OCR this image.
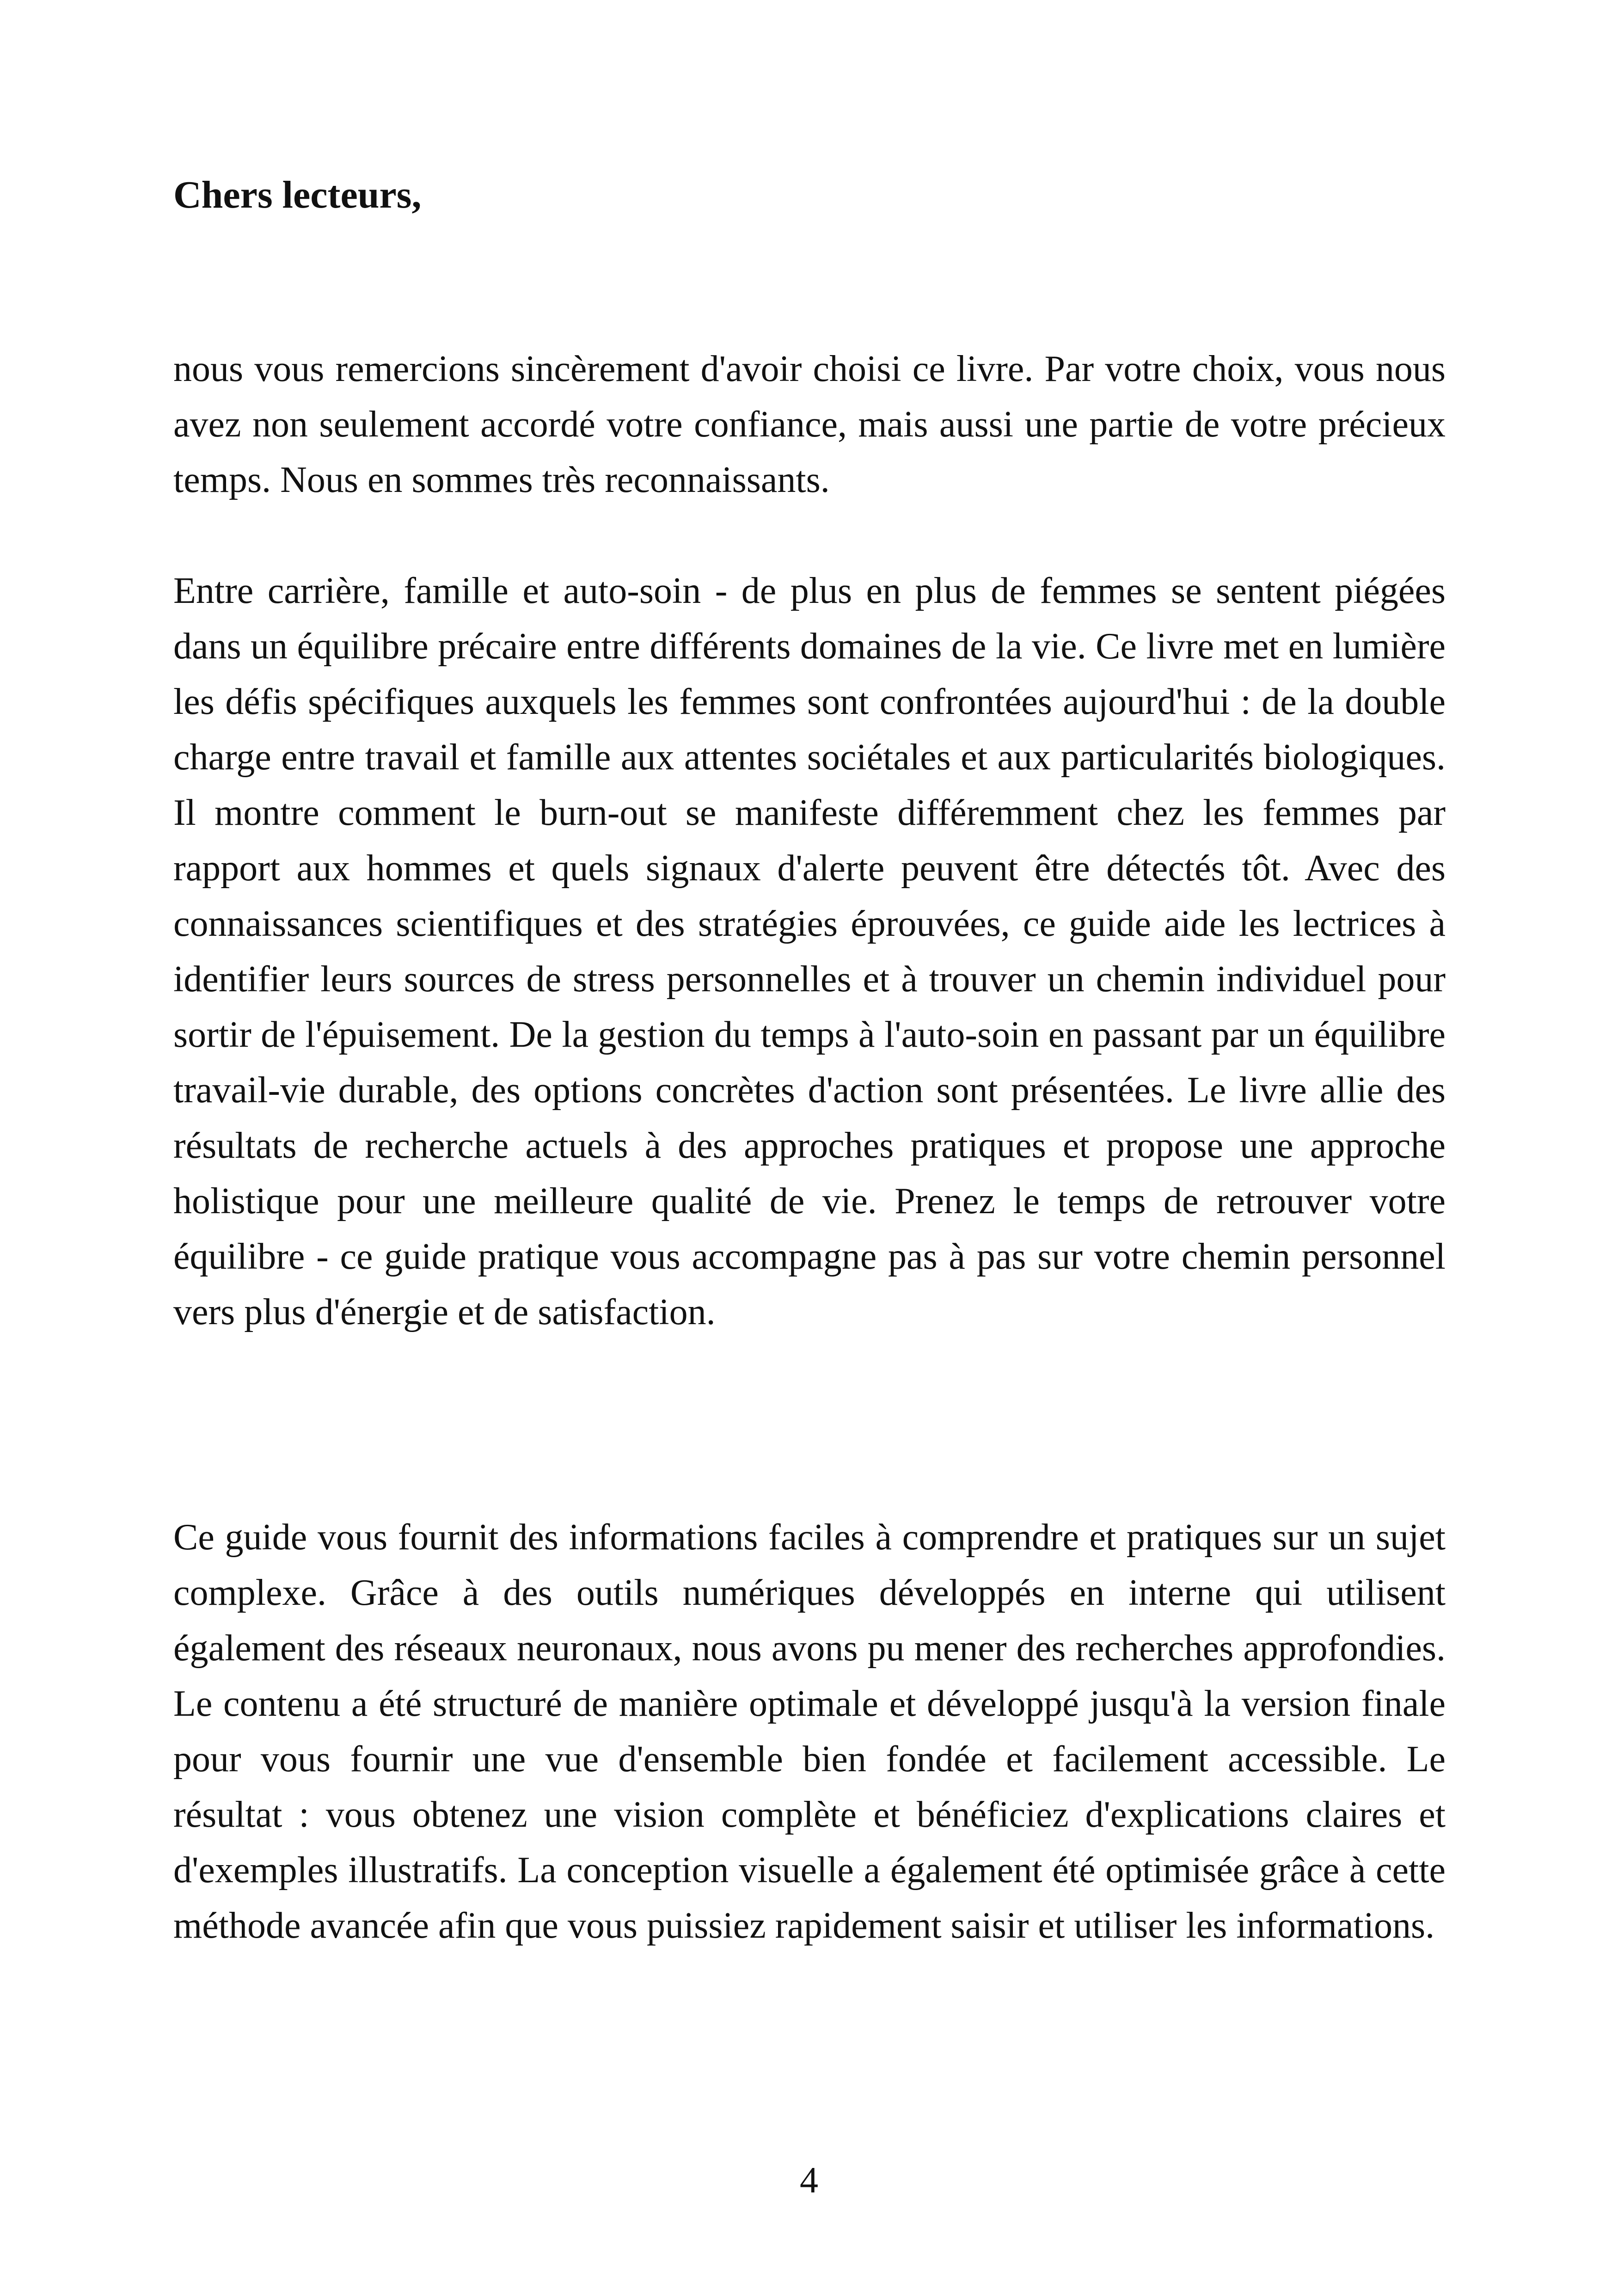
Chers lecteurs,

nous vous remercions sincèrement d'avoir choisi ce livre. Par votre choix, vous nous avez non seulement accordé votre confiance, mais aussi une partie de votre précieux temps. Nous en sommes très reconnaissants.

Entre carrière, famille et auto-soin - de plus en plus de femmes se sentent piégées dans un équilibre précaire entre différents domaines de la vie. Ce livre met en lumière les défis spécifiques auxquels les femmes sont confrontées aujourd'hui : de la double charge entre travail et famille aux attentes sociétales et aux particularités biologiques. Il montre comment le burn-out se manifeste différemment chez les femmes par rapport aux hommes et quels signaux d'alerte peuvent être détectés tôt. Avec des connaissances scientifiques et des stratégies éprouvées, ce guide aide les lectrices à identifier leurs sources de stress personnelles et à trouver un chemin individuel pour sortir de l'épuisement. De la gestion du temps à l'auto-soin en passant par un équilibre travail-vie durable, des options concrètes d'action sont présentées. Le livre allie des résultats de recherche actuels à des approches pratiques et propose une approche holistique pour une meilleure qualité de vie. Prenez le temps de retrouver votre équilibre - ce guide pratique vous accompagne pas à pas sur votre chemin personnel vers plus d'énergie et de satisfaction.

Ce guide vous fournit des informations faciles à comprendre et pratiques sur un sujet complexe. Grâce à des outils numériques développés en interne qui utilisent également des réseaux neuronaux, nous avons pu mener des recherches approfondies. Le contenu a été structuré de manière optimale et développé jusqu'à la version finale pour vous fournir une vue d'ensemble bien fondée et facilement accessible. Le résultat : vous obtenez une vision complète et bénéficiez d'explications claires et d'exemples illustratifs. La conception visuelle a également été optimisée grâce à cette méthode avancée afin que vous puissiez rapidement saisir et utiliser les informations.

4
